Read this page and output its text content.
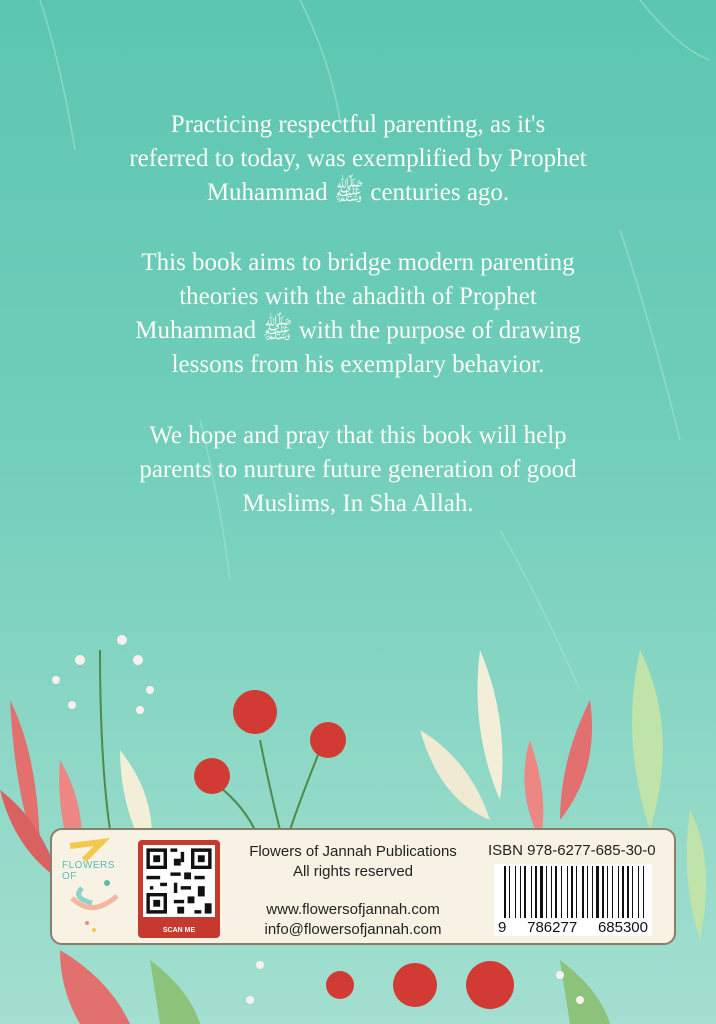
Practicing respectful parenting, as it's

referred to today, was exemplified by Prophet

Muhammad ﷺ centuries ago.

This book aims to bridge modern parenting

theories with the ahadith of Prophet

Muhammad ﷺ with the purpose of drawing

lessons from his exemplary behavior.

We hope and pray that this book will help

parents to nurture future generation of good

Muslims, In Sha Allah.

FLOWERS OF
SCAN ME
Flowers of Jannah Publications
All rights reserved
www.flowersofjannah.com
info@flowersofjannah.com
ISBN 978-6277-685-30-0
9 786277 685300
